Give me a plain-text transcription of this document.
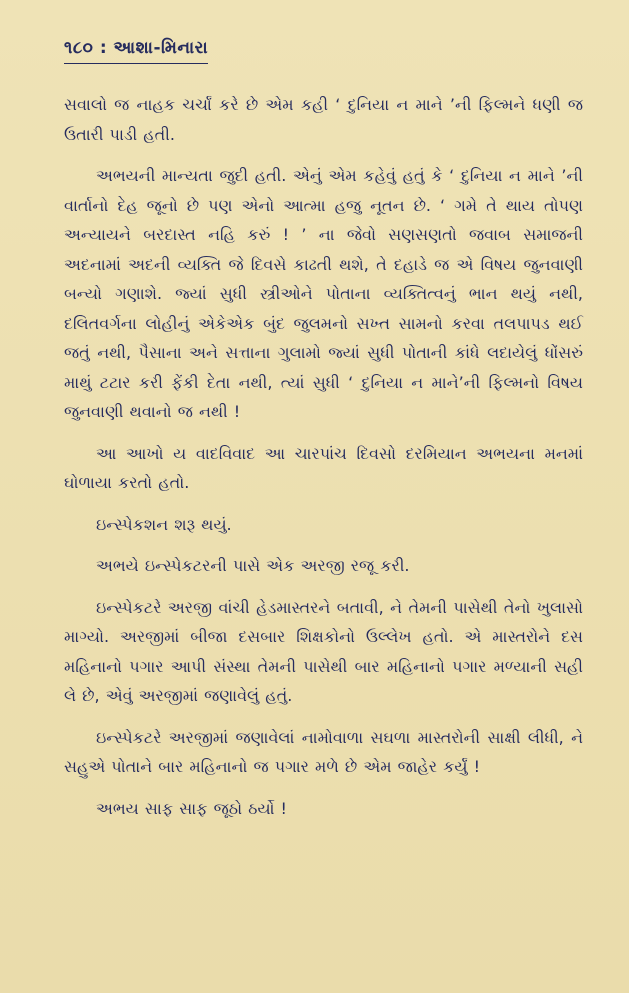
૧૮૦ : આશા-મિનારા

સવાલો જ નાહક ચર્ચાં કરે છે એમ કહી ‘ દુનિયા ન માને ’ની ફિલ્મને ધણી જ ઉતારી પાડી હતી.

અભયની માન્યતા જુદી હતી. એનું એમ કહેવું હતું કે ‘ દુનિયા ન માને ’ની વાર્તાનો દેહ જૂનો છે પણ એનો આત્મા હજુ નૂતન છે. ‘ ગમે તે થાય તોપણ અન્યાયને બરદાસ્ત નહિ કરું ! ’ ના જેવો સણસણતો જવાબ સમાજની અદનામાં અદની વ્યક્તિ જે દિવસે કાઢતી થશે, તે દહાડે જ એ વિષય જુનવાણી બન્યો ગણાશે. જ્યાં સુધી સ્ત્રીઓને પોતાના વ્યક્તિત્વનું ભાન થયું નથી, દલિતવર્ગના લોહીનું એકેએક બુંદ જુલમનો સખ્ત સામનો કરવા તલપાપડ થઈ જતું નથી, પૈસાના અને સત્તાના ગુલામો જ્યાં સુધી પોતાની કાંધે લદાયેલું ધોંસરું માથું ટટાર કરી ફેંકી દેતા નથી, ત્યાં સુધી ‘ દુનિયા ન માને’ની ફિલ્મનો વિષય જુનવાણી થવાનો જ નથી !

આ આખો ય વાદવિવાદ આ ચારપાંચ દિવસો દરમિયાન અભયના મનમાં ઘોળાયા કરતો હતો.

ઇન્સ્પેકશન શરૂ થયું.

અભયે ઇન્સ્પેકટરની પાસે એક અરજી રજૂ કરી.

ઇન્સ્પેકટરે અરજી વાંચી હેડમાસ્તરને બતાવી, ને તેમની પાસેથી તેનો ખુલાસો માગ્યો. અરજીમાં બીજા દસબાર શિક્ષકોનો ઉલ્લેખ હતો. એ માસ્તરોને દસ મહિનાનો પગાર આપી સંસ્થા તેમની પાસેથી બાર મહિનાનો પગાર મળ્યાની સહી લે છે, એવું અરજીમાં જણાવેલું હતું.

ઇન્સ્પેકટરે અરજીમાં જણાવેલાં નામોવાળા સઘળા માસ્તરોની સાક્ષી લીધી, ને સહુએ પોતાને બાર મહિનાનો જ પગાર મળે છે એમ જાહેર કર્યું !

અભય સાફ સાફ જૂઠો ઠર્યો !
